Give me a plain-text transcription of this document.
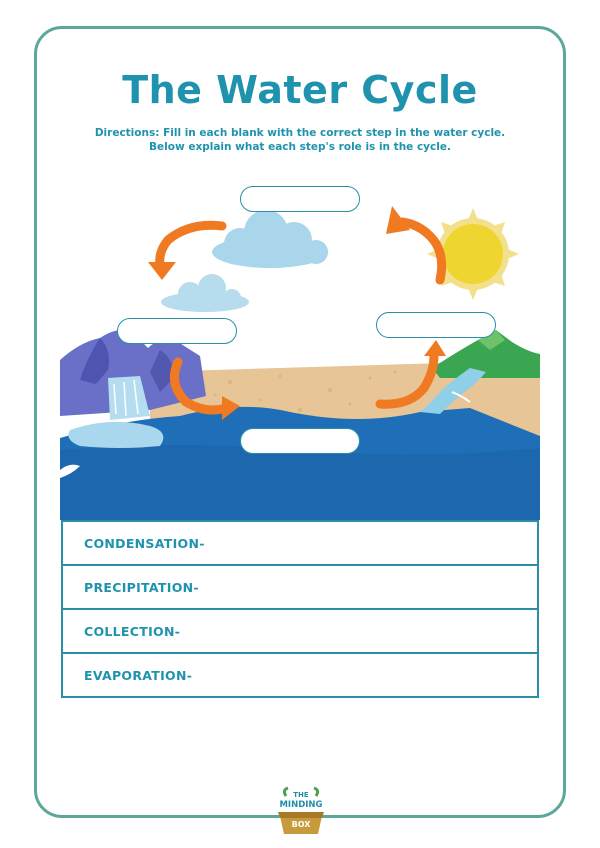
The Water Cycle
Directions: Fill in each blank with the correct step in the water cycle.
Below explain what each step's role is in the cycle.
CONDENSATION-
PRECIPITATION-
COLLECTION-
EVAPORATION-
THE
MINDING
BOX
